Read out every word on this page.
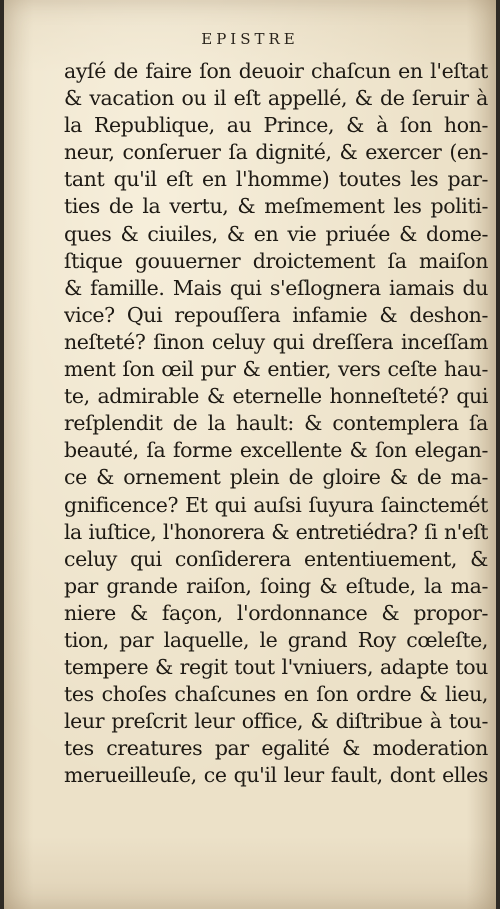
EPISTRE
ayſé de faire ſon deuoir chaſcun en l'eſtat
& vacation ou il eſt appellé, & de ſeruir à
la Republique, au Prince, & à ſon hon-
neur, conſeruer ſa dignité, & exercer (en-
tant qu'il eſt en l'homme) toutes les par-
ties de la vertu, & meſmement les politi-
ques & ciuiles, & en vie priuée & dome-
ſtique gouuerner droictement ſa maiſon
& famille. Mais qui s'eſlognera iamais du
vice? Qui repouſſera infamie & deshon-
neſteté? ſinon celuy qui dreſſera inceſſam
ment ſon œil pur & entier, vers ceſte hau-
te, admirable & eternelle honneſteté? qui
reſplendit de la hault: & contemplera ſa
beauté, ſa forme excellente & ſon elegan-
ce & ornement plein de gloire & de ma-
gnificence? Et qui auſsi ſuyura ſainctemét
la iuſtice, l'honorera & entretiédra? ſi n'eſt
celuy qui conſiderera ententiuement, &
par grande raiſon, ſoing & eſtude, la ma-
niere & façon, l'ordonnance & propor-
tion, par laquelle, le grand Roy cœleſte,
tempere & regit tout l'vniuers, adapte tou
tes choſes chaſcunes en ſon ordre & lieu,
leur preſcrit leur office, & diſtribue à tou-
tes creatures par egalité & moderation
merueilleuſe, ce qu'il leur fault, dont elles
